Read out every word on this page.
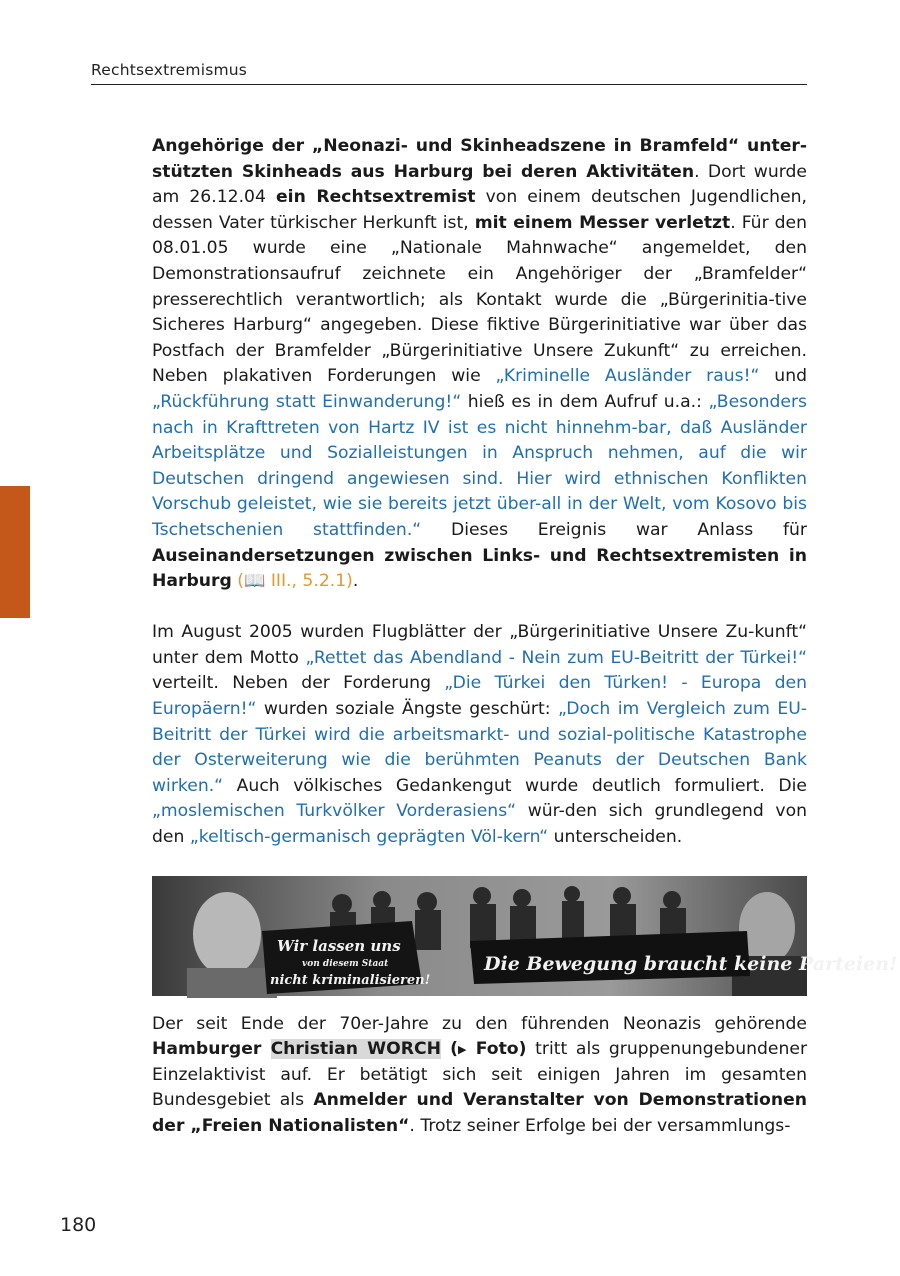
Rechtsextremismus

Angehörige der „Neonazi- und Skinheadszene in Bramfeld“ unter-stützten Skinheads aus Harburg bei deren Aktivitäten. Dort wurde am 26.12.04 ein Rechtsextremist von einem deutschen Jugendlichen, dessen Vater türkischer Herkunft ist, mit einem Messer verletzt. Für den 08.01.05 wurde eine „Nationale Mahnwache“ angemeldet, den Demonstrationsaufruf zeichnete ein Angehöriger der „Bramfelder“ presserechtlich verantwortlich; als Kontakt wurde die „Bürgerinitia-tive Sicheres Harburg“ angegeben. Diese fiktive Bürgerinitiative war über das Postfach der Bramfelder „Bürgerinitiative Unsere Zukunft“ zu erreichen. Neben plakativen Forderungen wie „Kriminelle Ausländer raus!“ und „Rückführung statt Einwanderung!“ hieß es in dem Aufruf u.a.: „Besonders nach in Krafttreten von Hartz IV ist es nicht hinnehm-bar, daß Ausländer Arbeitsplätze und Sozialleistungen in Anspruch nehmen, auf die wir Deutschen dringend angewiesen sind. Hier wird ethnischen Konflikten Vorschub geleistet, wie sie bereits jetzt über-all in der Welt, vom Kosovo bis Tschetschenien stattfinden.“ Dieses Ereignis war Anlass für Auseinandersetzungen zwischen Links- und Rechtsextremisten in Harburg (📖 III., 5.2.1).

Im August 2005 wurden Flugblätter der „Bürgerinitiative Unsere Zu-kunft“ unter dem Motto „Rettet das Abendland - Nein zum EU-Beitritt der Türkei!“ verteilt. Neben der Forderung „Die Türkei den Türken! - Europa den Europäern!“ wurden soziale Ängste geschürt: „Doch im Vergleich zum EU-Beitritt der Türkei wird die arbeitsmarkt- und sozial-politische Katastrophe der Osterweiterung wie die berühmten Peanuts der Deutschen Bank wirken.“ Auch völkisches Gedankengut wurde deutlich formuliert. Die „moslemischen Turkvölker Vorderasiens“ wür-den sich grundlegend von den „keltisch-germanisch geprägten Völ-kern“ unterscheiden.

Wir lassen uns
von diesem Staat
nicht kriminalisieren!
Die Bewegung braucht keine Parteien!

Der seit Ende der 70er-Jahre zu den führenden Neonazis gehörende Hamburger Christian WORCH (▶ Foto) tritt als gruppenungebundener Einzelaktivist auf. Er betätigt sich seit einigen Jahren im gesamten Bundesgebiet als Anmelder und Veranstalter von Demonstrationen der „Freien Nationalisten“. Trotz seiner Erfolge bei der versammlungs-

180
